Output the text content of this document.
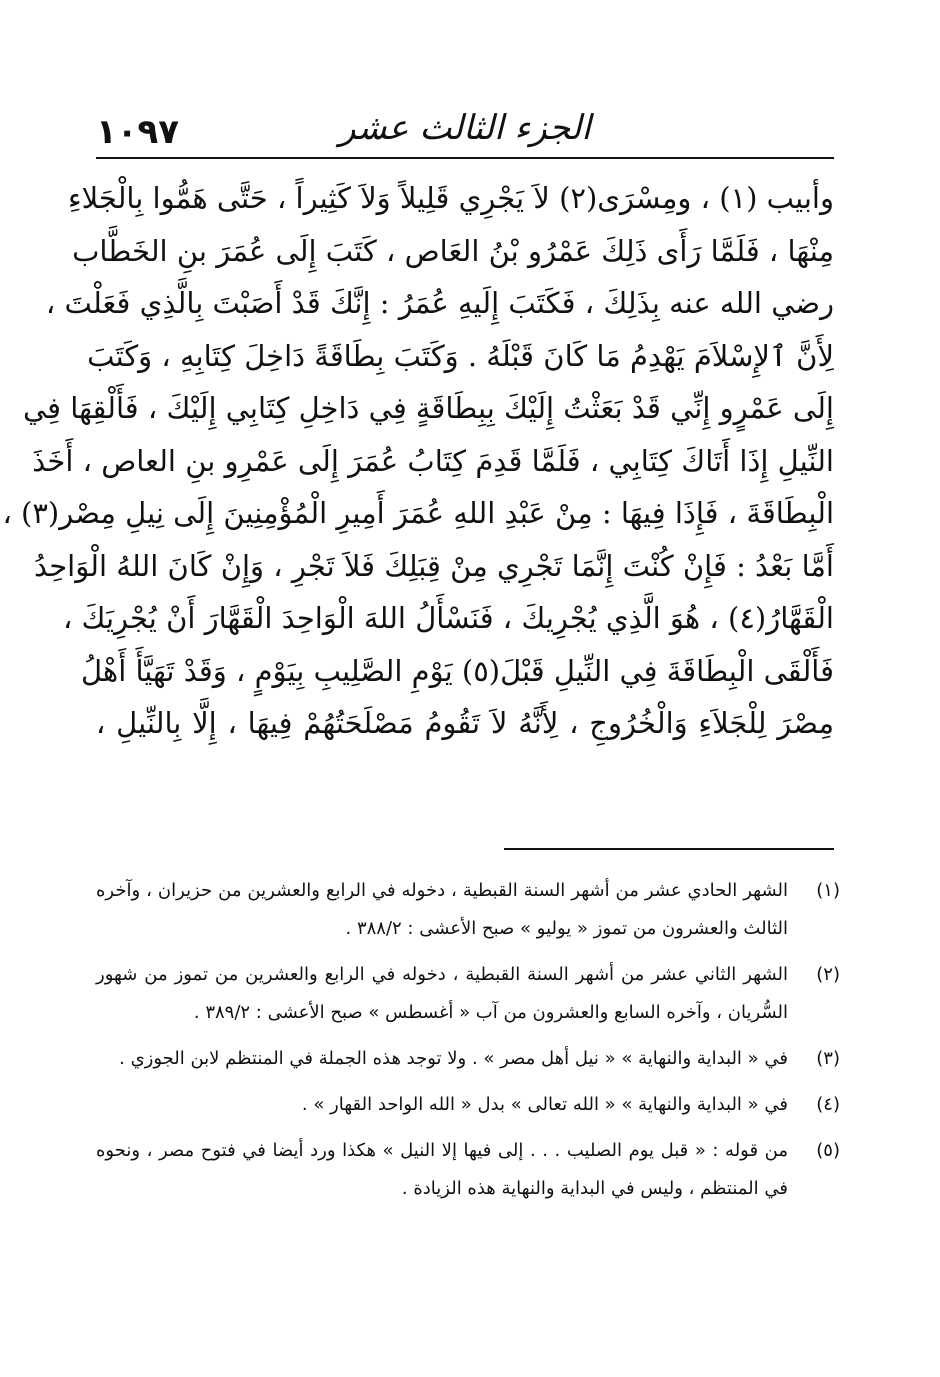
١٠٩٧	الجزء الثالث عشر
وأبيب (١) ، ومِسْرَى(٢) لاَ يَجْرِي قَلِيلاً وَلاَ كَثِيراً ، حَتَّى هَمُّوا بِالْجَلاءِ
مِنْهَا ، فَلَمَّا رَأَى ذَلِكَ عَمْرُو بْنُ العَاص ، كَتَبَ إِلَى عُمَرَ بنِ الخَطَّاب
رضي الله عنه بِذَلِكَ ، فَكَتَبَ إِلَيهِ عُمَرُ : إِنَّكَ قَدْ أَصَبْتَ بِالَّذِي فَعَلْتَ ،
لِأَنَّ ٱلإِسْلاَمَ يَهْدِمُ مَا كَانَ قَبْلَهُ . وَكَتَبَ بِطَاقَةً دَاخِلَ كِتَابِهِ ، وَكَتَبَ
إِلَى عَمْرٍو إِنِّي قَدْ بَعَثْتُ إِلَيْكَ بِبِطَاقَةٍ فِي دَاخِلِ كِتَابِي إِلَيْكَ ، فَأَلْقِهَا فِي
النِّيلِ إِذَا أَتَاكَ كِتَابِي ، فَلَمَّا قَدِمَ كِتَابُ عُمَرَ إِلَى عَمْرِو بنِ العاص ، أَخَذَ
الْبِطَاقَةَ ، فَإِذَا فِيهَا : مِنْ عَبْدِ اللهِ عُمَرَ أَمِيرِ الْمُؤْمِنِينَ إِلَى نِيلِ مِصْر(٣) ،
أَمَّا بَعْدُ : فَإِنْ كُنْتَ إِنَّمَا تَجْرِي مِنْ قِبَلِكَ فَلاَ تَجْرِ ، وَإِنْ كَانَ اللهُ الْوَاحِدُ
الْقَهَّارُ(٤) ، هُوَ الَّذِي يُجْرِيكَ ، فَنَسْأَلُ اللهَ الْوَاحِدَ الْقَهَّارَ أَنْ يُجْرِيَكَ ،
فَأَلْقَى الْبِطَاقَةَ فِي النِّيلِ قَبْلَ(٥) يَوْمِ الصَّلِيبِ بِيَوْمٍ ، وَقَدْ تَهَيَّأَ أَهْلُ
مِصْرَ لِلْجَلاَءِ وَالْخُرُوجِ ، لِأَنَّهُ لاَ تَقُومُ مَصْلَحَتُهُمْ فِيهَا ، إِلَّا بِالنِّيلِ ،
(١)
الشهر الحادي عشر من أشهر السنة القبطية ، دخوله في الرابع والعشرين من حزيران ، وآخره الثالث والعشرون من تموز « يوليو » صبح الأعشى : ٣٨٨/٢ .
(٢)
الشهر الثاني عشر من أشهر السنة القبطية ، دخوله في الرابع والعشرين من تموز من شهور السُّريان ، وآخره السابع والعشرون من آب « أغسطس » صبح الأعشى : ٣٨٩/٢ .
(٣)
في « البداية والنهاية » « نيل أهل مصر » . ولا توجد هذه الجملة في المنتظم لابن الجوزي .
(٤)
في « البداية والنهاية » « الله تعالى » بدل « الله الواحد القهار » .
(٥)
من قوله : « قبل يوم الصليب . . . إلى فيها إلا النيل » هكذا ورد أيضا في فتوح مصر ، ونحوه في المنتظم ، وليس في البداية والنهاية هذه الزيادة .
